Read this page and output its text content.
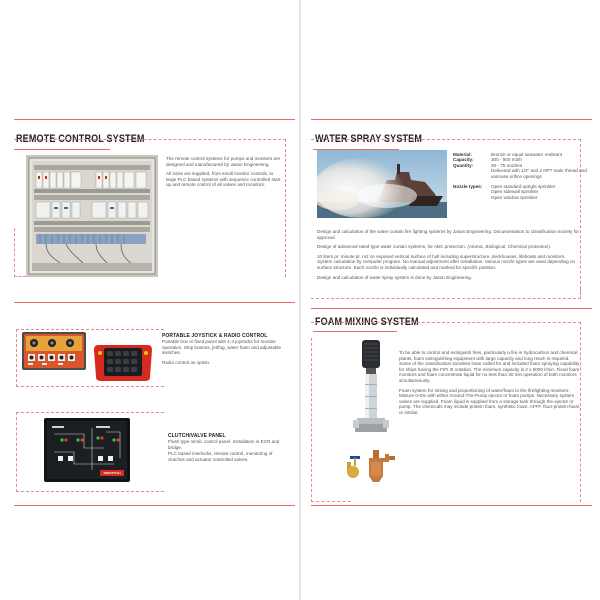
REMOTE CONTROL SYSTEM

The remote control systems for pumps and monitors are designed and manufactured by Jason Engineering.

All sizes are supplied, from small monitor controls, to large PLC based systems with sequence controlled start up and remote control of all valves and monitors.

PORTABLE JOYSTICK & RADIO CONTROL

Portable box or fixed panel with 1-4 joysticks for monitor operation. Strip buttons, jet/fog, water foam and adjustable switches.

Radio control as option.

DRAFTFULL
CLUTCH/VALVE PANEL

Flush type mimic control panel. Installation in ECR and bridge.

PLC based interlocks, remote control, monitoring of clutches and actuator controlled valves.

WATER SPRAY SYSTEM
Material:	Bronze or equal seawater resistant
Capacity:	300 - 900 m3/h
Quantity:	30 - 75 nozzles
Delivered with 1/2" and 2 NPT male thread and variouse orifice openings
Nozzle types:	Open standard upright sprinkler
Open sidewall sprinkler
Open window sprinkler

Design and calculation of the water curtain fire fighting systems by Jason Engineering. Documentation to classification society for approval.

Design of advanced rated type water curtain systems, for ABC protection. (Atomic, Biological, Chemical protection).

10 liters pr. minute pr. m2 on exposed vertical surface of hull including superstructure, deckhouses, lifeboats and monitors. System calculation by computer program. No manual adjustment after installation. Various nozzle types are used depending on surface structure. Each nozzle is individually calculated and marked for specific position.

Design and calculation of water spray system is done by Jason Engineering.

FOAM MIXING SYSTEM

To be able to control and extinguish fires, particularly a fire in hydrocarbon and chemical plants, foam extinguishing equipment with large capacity and long reach is required. Some of the classification societies have called for and included foam spraying capability for ships having the FIFI III notation. The minimum capacity is 2 x 5000 l/min. Fixed foam monitors and foam concentrate liquid for no less than 30 min operation of both monitors simultaneously.

Foam system for mixing and proportioning of water/foam to the firefighting monitors. Mixture 0-6% with either Around-The-Pump ejector or foam pumps. Necessary system valves are supplied. Foam liquid is supplied from a storage tank through the ejector or pump. The chemicals may include protein foam, synthetic foam, AFFF, fluor-protein-foam or similar.
